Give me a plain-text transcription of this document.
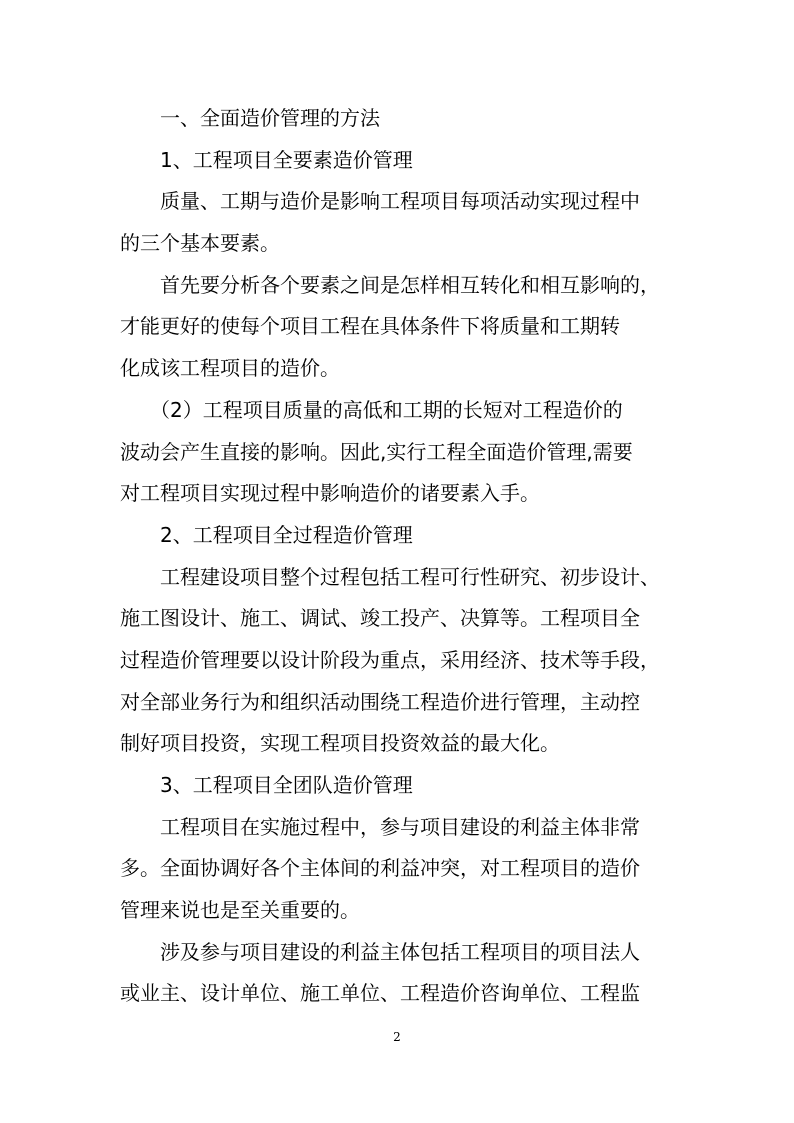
一、全面造价管理的方法
1、工程项目全要素造价管理
质量、工期与造价是影响工程项目每项活动实现过程中
的三个基本要素。
首先要分析各个要素之间是怎样相互转化和相互影响的，
才能更好的使每个项目工程在具体条件下将质量和工期转
化成该工程项目的造价。
（2）工程项目质量的高低和工期的长短对工程造价的
波动会产生直接的影响。因此,实行工程全面造价管理,需要
对工程项目实现过程中影响造价的诸要素入手。
2、工程项目全过程造价管理
工程建设项目整个过程包括工程可行性研究、初步设计、
施工图设计、施工、调试、竣工投产、决算等。工程项目全
过程造价管理要以设计阶段为重点，采用经济、技术等手段，
对全部业务行为和组织活动围绕工程造价进行管理，主动控
制好项目投资，实现工程项目投资效益的最大化。
3、工程项目全团队造价管理
工程项目在实施过程中，参与项目建设的利益主体非常
多。全面协调好各个主体间的利益冲突，对工程项目的造价
管理来说也是至关重要的。
涉及参与项目建设的利益主体包括工程项目的项目法人
或业主、设计单位、施工单位、工程造价咨询单位、工程监
2
